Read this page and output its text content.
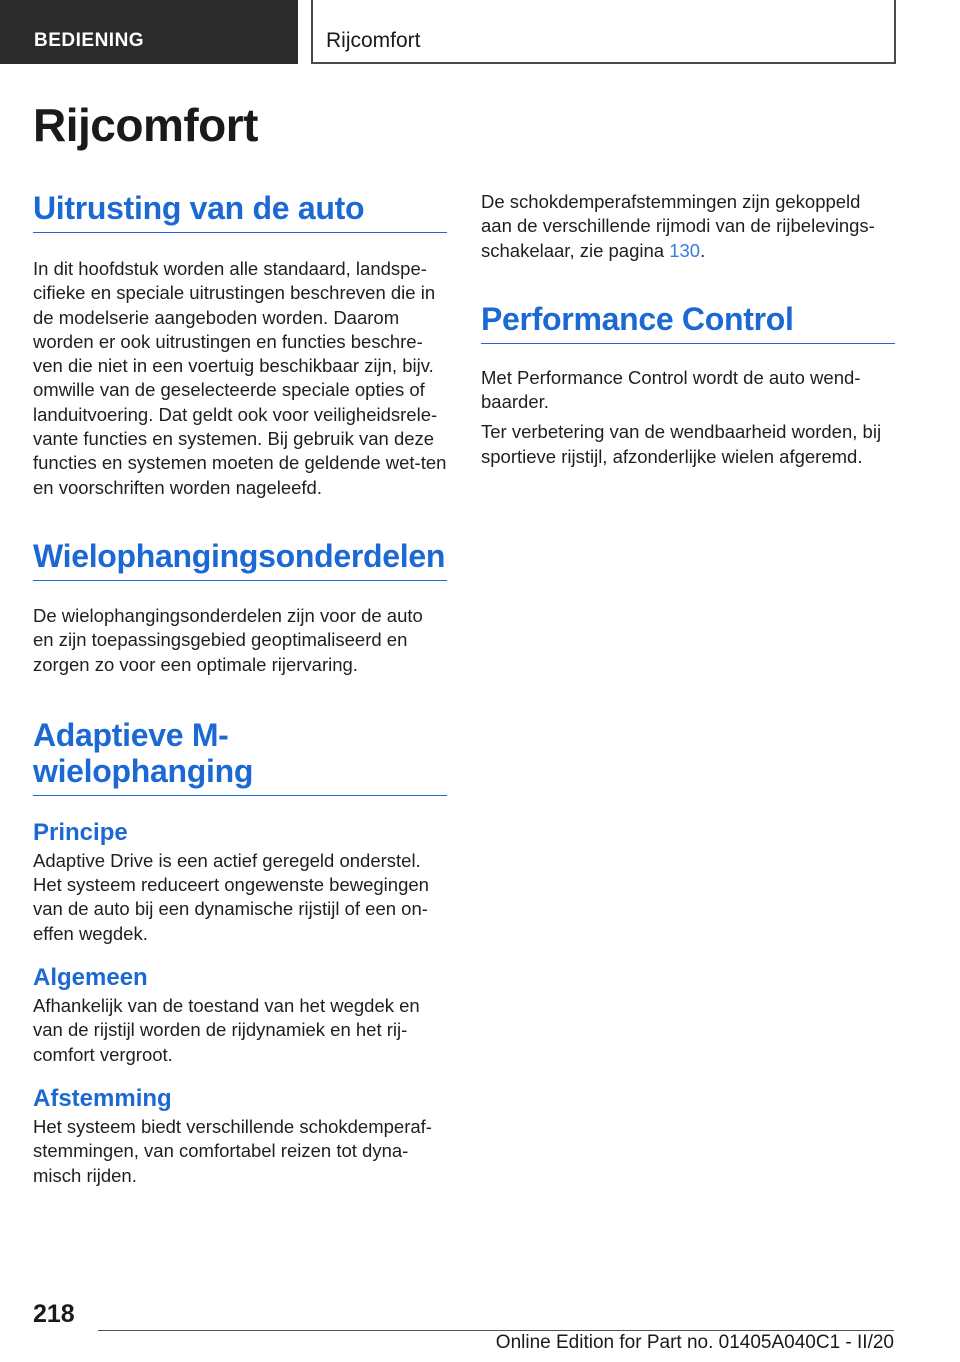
BEDIENING	Rijcomfort
Rijcomfort
Uitrusting van de auto

In dit hoofdstuk worden alle standaard, landspe-cifieke en speciale uitrustingen beschreven die in de modelserie aangeboden worden. Daarom worden er ook uitrustingen en functies beschre-ven die niet in een voertuig beschikbaar zijn, bijv. omwille van de geselecteerde speciale opties of landuitvoering. Dat geldt ook voor veiligheidsrele-vante functies en systemen. Bij gebruik van deze functies en systemen moeten de geldende wet-ten en voorschriften worden nageleefd.

Wielophangingsonderdelen

De wielophangingsonderdelen zijn voor de auto en zijn toepassingsgebied geoptimaliseerd en zorgen zo voor een optimale rijervaring.

Adaptieve M-wielophanging
Principe

Adaptive Drive is een actief geregeld onderstel. Het systeem reduceert ongewenste bewegingen van de auto bij een dynamische rijstijl of een on-effen wegdek.

Algemeen

Afhankelijk van de toestand van het wegdek en van de rijstijl worden de rijdynamiek en het rij-comfort vergroot.

Afstemming

Het systeem biedt verschillende schokdemperaf-stemmingen, van comfortabel reizen tot dyna-misch rijden.

De schokdemperafstemmingen zijn gekoppeld aan de verschillende rijmodi van de rijbelevings-schakelaar, zie pagina 130.

Performance Control

Met Performance Control wordt de auto wend-baarder.

Ter verbetering van de wendbaarheid worden, bij sportieve rijstijl, afzonderlijke wielen afgeremd.

218
Online Edition for Part no. 01405A040C1 - II/20
